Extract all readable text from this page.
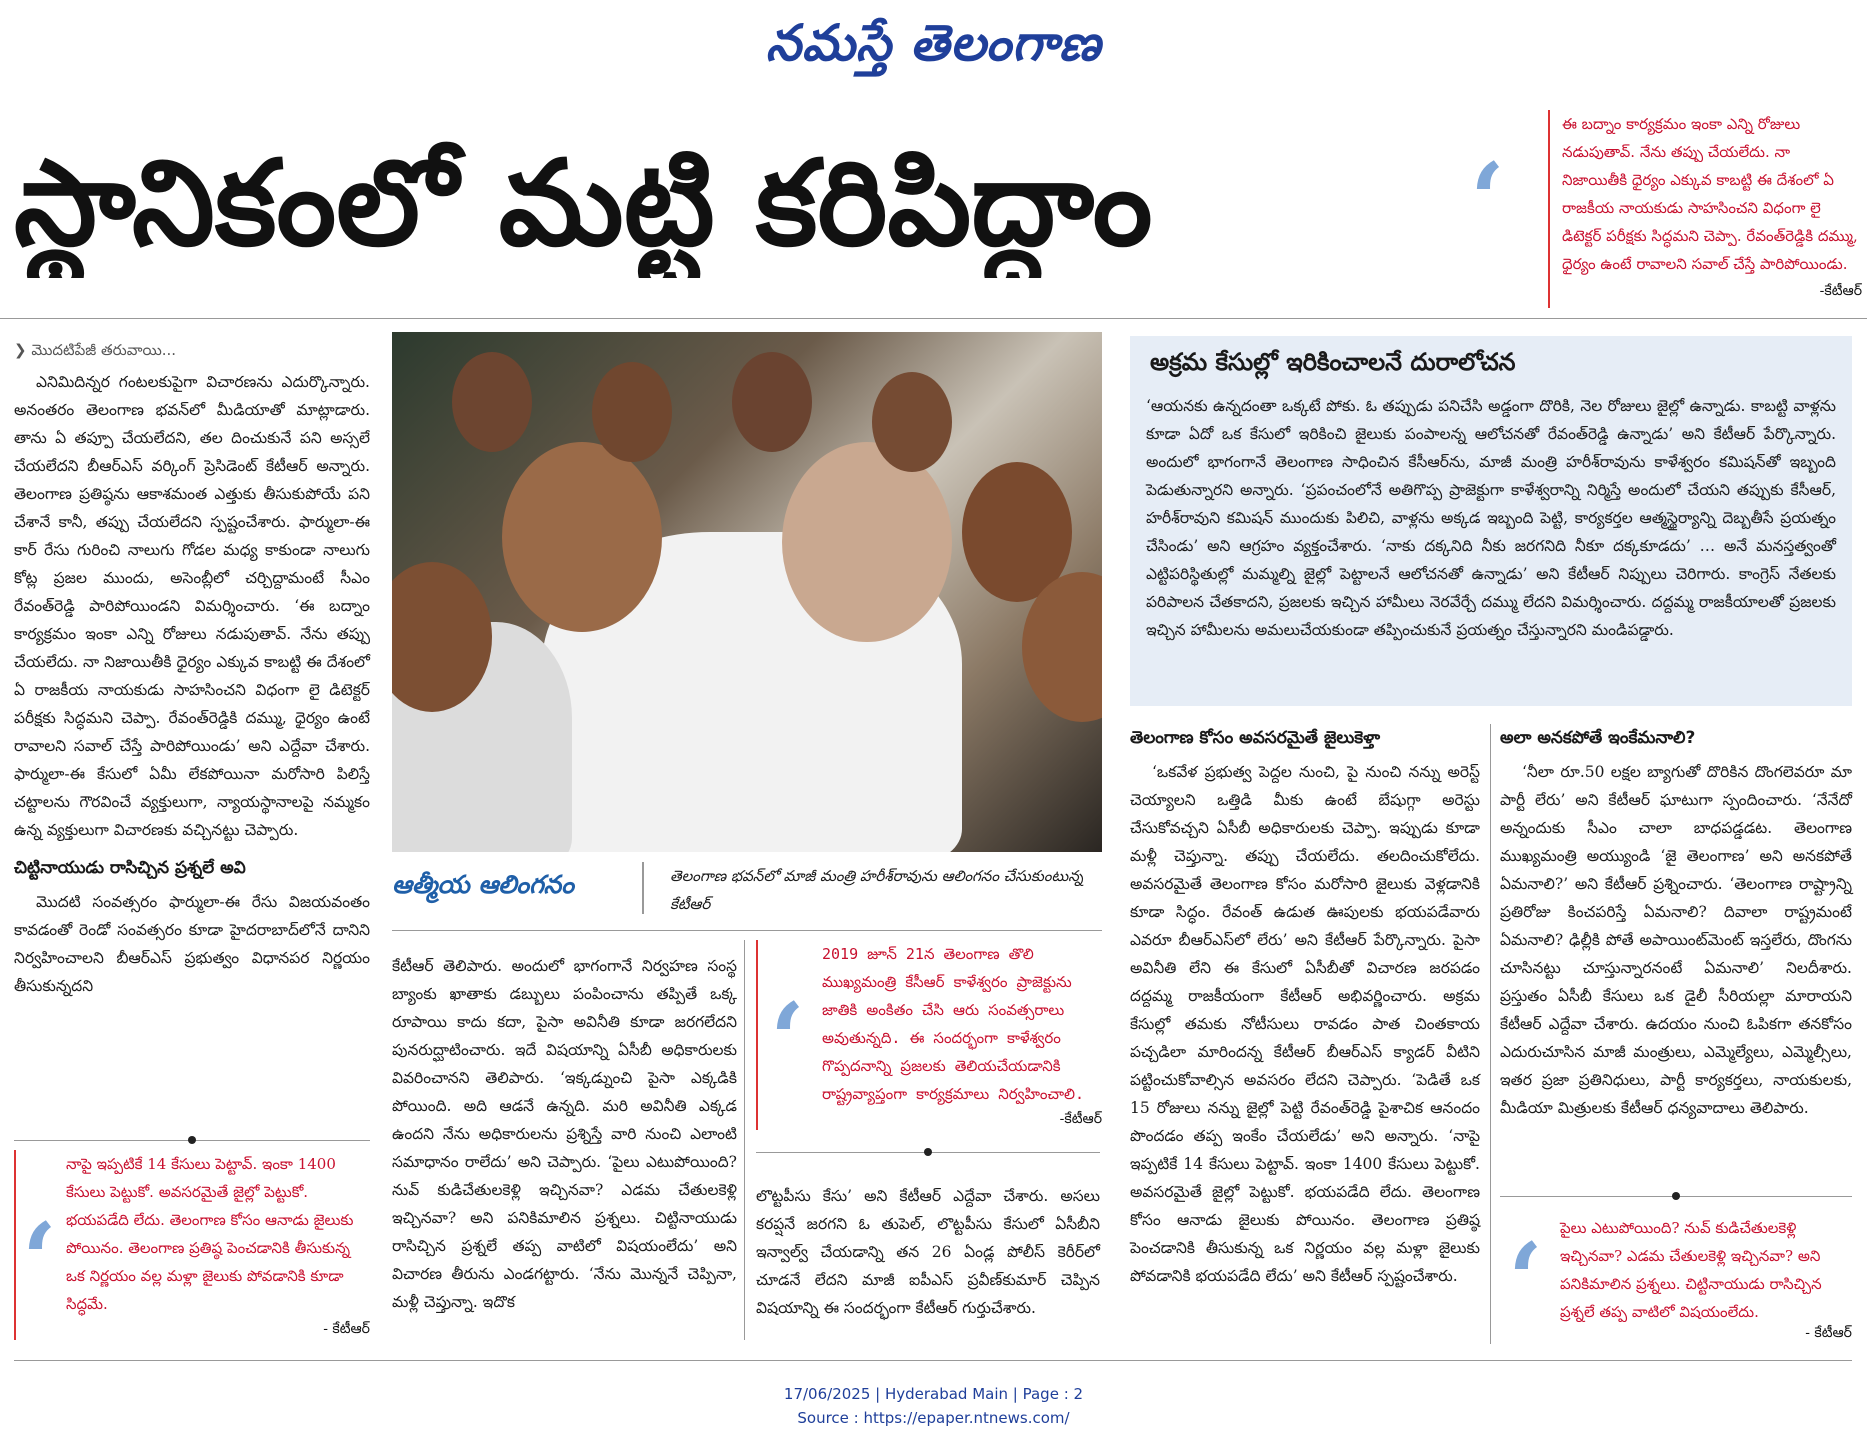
నమస్తే తెలంగాణ
స్థానికంలో మట్టి కరిపిద్దాం	‘
ఈ బద్నాం కార్యక్రమం ఇంకా ఎన్ని రోజులు నడుపుతావ్. నేను తప్పు చేయలేదు. నా నిజాయితీకి ధైర్యం ఎక్కువ కాబట్టి ఈ దేశంలో ఏ రాజకీయ నాయకుడు సాహసించని విధంగా లై డిటెక్టర్ పరీక్షకు సిద్ధమని చెప్పా. రేవంత్‌రెడ్డికి దమ్ము, ధైర్యం ఉంటే రావాలని సవాల్ చేస్తే పారిపోయిండు.
-కేటీఆర్
❯ మొదటిపేజీ తరువాయి...

ఎనిమిదిన్నర గంటలకుపైగా విచారణను ఎదుర్కొన్నారు. అనంతరం తెలంగాణ భవన్‌లో మీడియాతో మాట్లాడారు. తాను ఏ తప్పూ చేయలేదని, తల దించుకునే పని అస్సలే చేయలేదని బీఆర్‌ఎస్ వర్కింగ్ ప్రెసిడెంట్ కేటీఆర్ అన్నారు. తెలంగాణ ప్రతిష్ఠను ఆకాశమంత ఎత్తుకు తీసుకుపోయే పని చేశానే కానీ, తప్పు చేయలేదని స్పష్టంచేశారు. ఫార్ములా-ఈ కార్ రేసు గురించి నాలుగు గోడల మధ్య కాకుండా నాలుగు కోట్ల ప్రజల ముందు, అసెంబ్లీలో చర్చిద్దామంటే సీఎం రేవంత్‌రెడ్డి పారిపోయిండని విమర్శించారు. ‘ఈ బద్నాం కార్యక్రమం ఇంకా ఎన్ని రోజులు నడుపుతావ్. నేను తప్పు చేయలేదు. నా నిజాయితీకి ధైర్యం ఎక్కువ కాబట్టి ఈ దేశంలో ఏ రాజకీయ నాయకుడు సాహసించని విధంగా లై డిటెక్టర్ పరీక్షకు సిద్ధమని చెప్పా. రేవంత్‌రెడ్డికి దమ్ము, ధైర్యం ఉంటే రావాలని సవాల్ చేస్తే పారిపోయిండు’ అని ఎద్దేవా చేశారు. ఫార్ములా-ఈ కేసులో ఏమీ లేకపోయినా మరోసారి పిలిస్తే చట్టాలను గౌరవించే వ్యక్తులుగా, న్యాయస్థానాలపై నమ్మకం ఉన్న వ్యక్తులుగా విచారణకు వచ్చినట్టు చెప్పారు.

చిట్టినాయుడు రాసిచ్చిన ప్రశ్నలే అవి

మొదటి సంవత్సరం ఫార్ములా-ఈ రేసు విజయవంతం కావడంతో రెండో సంవత్సరం కూడా హైదరాబాద్‌లోనే దానిని నిర్వహించాలని బీఆర్‌ఎస్ ప్రభుత్వం విధానపర నిర్ణయం తీసుకున్నదని

ఆత్మీయ ఆలింగనం	తెలంగాణ భవన్‌లో మాజీ మంత్రి హరీశ్‌రావును ఆలింగనం చేసుకుంటున్న కేటీఆర్

కేటీఆర్ తెలిపారు. అందులో భాగంగానే నిర్వహణ సంస్థ బ్యాంకు ఖాతాకు డబ్బులు పంపించాను తప్పితే ఒక్క రూపాయి కాదు కదా, పైసా అవినీతి కూడా జరగలేదని పునరుద్ఘాటించారు. ఇదే విషయాన్ని ఏసీబీ అధికారులకు వివరించానని తెలిపారు. ‘ఇక్కడ్నుంచి పైసా ఎక్కడికి పోయింది. అది ఆడనే ఉన్నది. మరి అవినీతి ఎక్కడ ఉందని నేను అధికారులను ప్రశ్నిస్తే వారి నుంచి ఎలాంటి సమాధానం రాలేదు’ అని చెప్పారు. ‘పైలు ఎటుపోయింది? నువ్ కుడిచేతులకెళ్లి ఇచ్చినవా? ఎడమ చేతులకెళ్లి ఇచ్చినవా? అని పనికిమాలిన ప్రశ్నలు. చిట్టినాయుడు రాసిచ్చిన ప్రశ్నలే తప్ప వాటిలో విషయంలేదు’ అని విచారణ తీరును ఎండగట్టారు. ‘నేను మొన్ననే చెప్పినా, మళ్లీ చెప్తున్నా. ఇదొక

‘
2019 జూన్ 21న తెలంగాణ తొలి ముఖ్యమంత్రి కేసీఆర్ కాళేశ్వరం ప్రాజెక్టును జాతికి అంకితం చేసి ఆరు సంవత్సరాలు అవుతున్నది. ఈ సందర్భంగా కాళేశ్వరం గొప్పదనాన్ని ప్రజలకు తెలియచేయడానికి రాష్ట్రవ్యాప్తంగా కార్యక్రమాలు నిర్వహించాలి.
-కేటీఆర్

లొట్టపీసు కేసు’ అని కేటీఆర్ ఎద్దేవా చేశారు. అసలు కరప్షనే జరగని ఓ తుపెల్, లొట్టపీసు కేసులో ఏసీబీని ఇన్వాల్వ్ చేయడాన్ని తన 26 ఏండ్ల పోలీస్ కెరీర్‌లో చూడనే లేదని మాజీ ఐపీఎస్ ప్రవీణ్‌కుమార్ చెప్పిన విషయాన్ని ఈ సందర్భంగా కేటీఆర్ గుర్తుచేశారు.

అక్రమ కేసుల్లో ఇరికించాలనే దురాలోచన
‘ఆయనకు ఉన్నదంతా ఒక్కటే పోకు. ఓ తప్పుడు పనిచేసి అడ్డంగా దొరికి, నెల రోజులు జైల్లో ఉన్నాడు. కాబట్టి వాళ్లను కూడా ఏదో ఒక కేసులో ఇరికించి జైలుకు పంపాలన్న ఆలోచనతో రేవంత్‌రెడ్డి ఉన్నాడు’ అని కేటీఆర్ పేర్కొన్నారు. అందులో భాగంగానే తెలంగాణ సాధించిన కేసీఆర్‌ను, మాజీ మంత్రి హరీశ్‌రావును కాళేశ్వరం కమిషన్‌తో ఇబ్బంది పెడుతున్నారని అన్నారు. ‘ప్రపంచంలోనే అతిగొప్ప ప్రాజెక్టుగా కాళేశ్వరాన్ని నిర్మిస్తే అందులో చేయని తప్పుకు కేసీఆర్, హరీశ్‌రావుని కమిషన్ ముందుకు పిలిచి, వాళ్లను అక్కడ ఇబ్బంది పెట్టి, కార్యకర్తల ఆత్మస్థైర్యాన్ని దెబ్బతీసే ప్రయత్నం చేసిండు’ అని ఆగ్రహం వ్యక్తంచేశారు. ‘నాకు దక్కనిది నీకు జరగనిది నీకూ దక్కకూడదు’ … అనే మనస్తత్వంతో ఎట్టిపరిస్థితుల్లో మమ్మల్ని జైల్లో పెట్టాలనే ఆలోచనతో ఉన్నాడు’ అని కేటీఆర్ నిప్పులు చెరిగారు. కాంగ్రెస్ నేతలకు పరిపాలన చేతకాదని, ప్రజలకు ఇచ్చిన హామీలు నెరవేర్చే దమ్ము లేదని విమర్శించారు. దద్దమ్మ రాజకీయాలతో ప్రజలకు ఇచ్చిన హామీలను అమలుచేయకుండా తప్పించుకునే ప్రయత్నం చేస్తున్నారని మండిపడ్డారు.
తెలంగాణ కోసం అవసరమైతే జైలుకెళ్తా

‘ఒకవేళ ప్రభుత్వ పెద్దల నుంచి, పై నుంచి నన్ను అరెస్ట్ చెయ్యాలని ఒత్తిడి మీకు ఉంటే బేషుగ్గా అరెస్టు చేసుకోవచ్చని ఏసీబీ అధికారులకు చెప్పా. ఇప్పుడు కూడా మళ్లీ చెప్తున్నా. తప్పు చేయలేదు. తలదించుకోలేదు. అవసరమైతే తెలంగాణ కోసం మరోసారి జైలుకు వెళ్లడానికి కూడా సిద్ధం. రేవంత్ ఉడుత ఊపులకు భయపడేవారు ఎవరూ బీఆర్‌ఎస్‌లో లేరు’ అని కేటీఆర్ పేర్కొన్నారు. పైసా అవినీతి లేని ఈ కేసులో ఏసీబీతో విచారణ జరపడం దద్దమ్మ రాజకీయంగా కేటీఆర్ అభివర్ణించారు. అక్రమ కేసుల్లో తమకు నోటీసులు రావడం పాత చింతకాయ పచ్చడిలా మారిందన్న కేటీఆర్ బీఆర్‌ఎస్ క్యాడర్ వీటిని పట్టించుకోవాల్సిన అవసరం లేదని చెప్పారు. ‘పెడితే ఒక 15 రోజులు నన్ను జైల్లో పెట్టి రేవంత్‌రెడ్డి పైశాచిక ఆనందం పొందడం తప్ప ఇంకేం చేయలేడు’ అని అన్నారు. ‘నాపై ఇప్పటికే 14 కేసులు పెట్టావ్. ఇంకా 1400 కేసులు పెట్టుకో. అవసరమైతే జైల్లో పెట్టుకో. భయపడేది లేదు. తెలంగాణ కోసం ఆనాడు జైలుకు పోయినం. తెలంగాణ ప్రతిష్ఠ పెంచడానికి తీసుకున్న ఒక నిర్ణయం వల్ల మళ్లా జైలుకు పోవడానికి భయపడేది లేదు’ అని కేటీఆర్ స్పష్టంచేశారు.

అలా అనకపోతే ఇంకేమనాలి?

‘నీలా రూ.50 లక్షల బ్యాగుతో దొరికిన దొంగలెవరూ మా పార్టీ లేరు’ అని కేటీఆర్ ఘాటుగా స్పందించారు. ‘నేనేదో అన్నందుకు సీఎం చాలా బాధపడ్డడట. తెలంగాణ ముఖ్యమంత్రి అయ్యుండి ‘జై తెలంగాణ’ అని అనకపోతే ఏమనాలి?’ అని కేటీఆర్ ప్రశ్నించారు. ‘తెలంగాణ రాష్ట్రాన్ని ప్రతిరోజు కించపరిస్తే ఏమనాలి? దివాలా రాష్ట్రమంటే ఏమనాలి? ఢిల్లీకి పోతే అపాయింట్‌మెంట్ ఇస్తలేరు, దొంగను చూసినట్టు చూస్తున్నారనంటే ఏమనాలి’ నిలదీశారు. ప్రస్తుతం ఏసీబీ కేసులు ఒక డైలీ సీరియల్లా మారాయని కేటీఆర్ ఎద్దేవా చేశారు. ఉదయం నుంచి ఓపికగా తనకోసం ఎదురుచూసిన మాజీ మంత్రులు, ఎమ్మెల్యేలు, ఎమ్మెల్సీలు, ఇతర ప్రజా ప్రతినిధులు, పార్టీ కార్యకర్తలు, నాయకులకు, మీడియా మిత్రులకు కేటీఆర్ ధన్యవాదాలు తెలిపారు.

‘
నాపై ఇప్పటికే 14 కేసులు పెట్టావ్. ఇంకా 1400 కేసులు పెట్టుకో. అవసరమైతే జైల్లో పెట్టుకో. భయపడేది లేదు. తెలంగాణ కోసం ఆనాడు జైలుకు పోయినం. తెలంగాణ ప్రతిష్ఠ పెంచడానికి తీసుకున్న ఒక నిర్ణయం వల్ల మళ్లా జైలుకు పోవడానికి కూడా సిద్ధమే.
- కేటీఆర్	‘ పైలు ఎటుపోయింది? నువ్ కుడిచేతులకెళ్లి ఇచ్చినవా? ఎడమ చేతులకెళ్లి ఇచ్చినవా? అని పనికిమాలిన ప్రశ్నలు. చిట్టినాయుడు రాసిచ్చిన ప్రశ్నలే తప్ప వాటిలో విషయంలేదు.
- కేటీఆర్
17/06/2025 | Hyderabad Main | Page : 2
Source : https://epaper.ntnews.com/
